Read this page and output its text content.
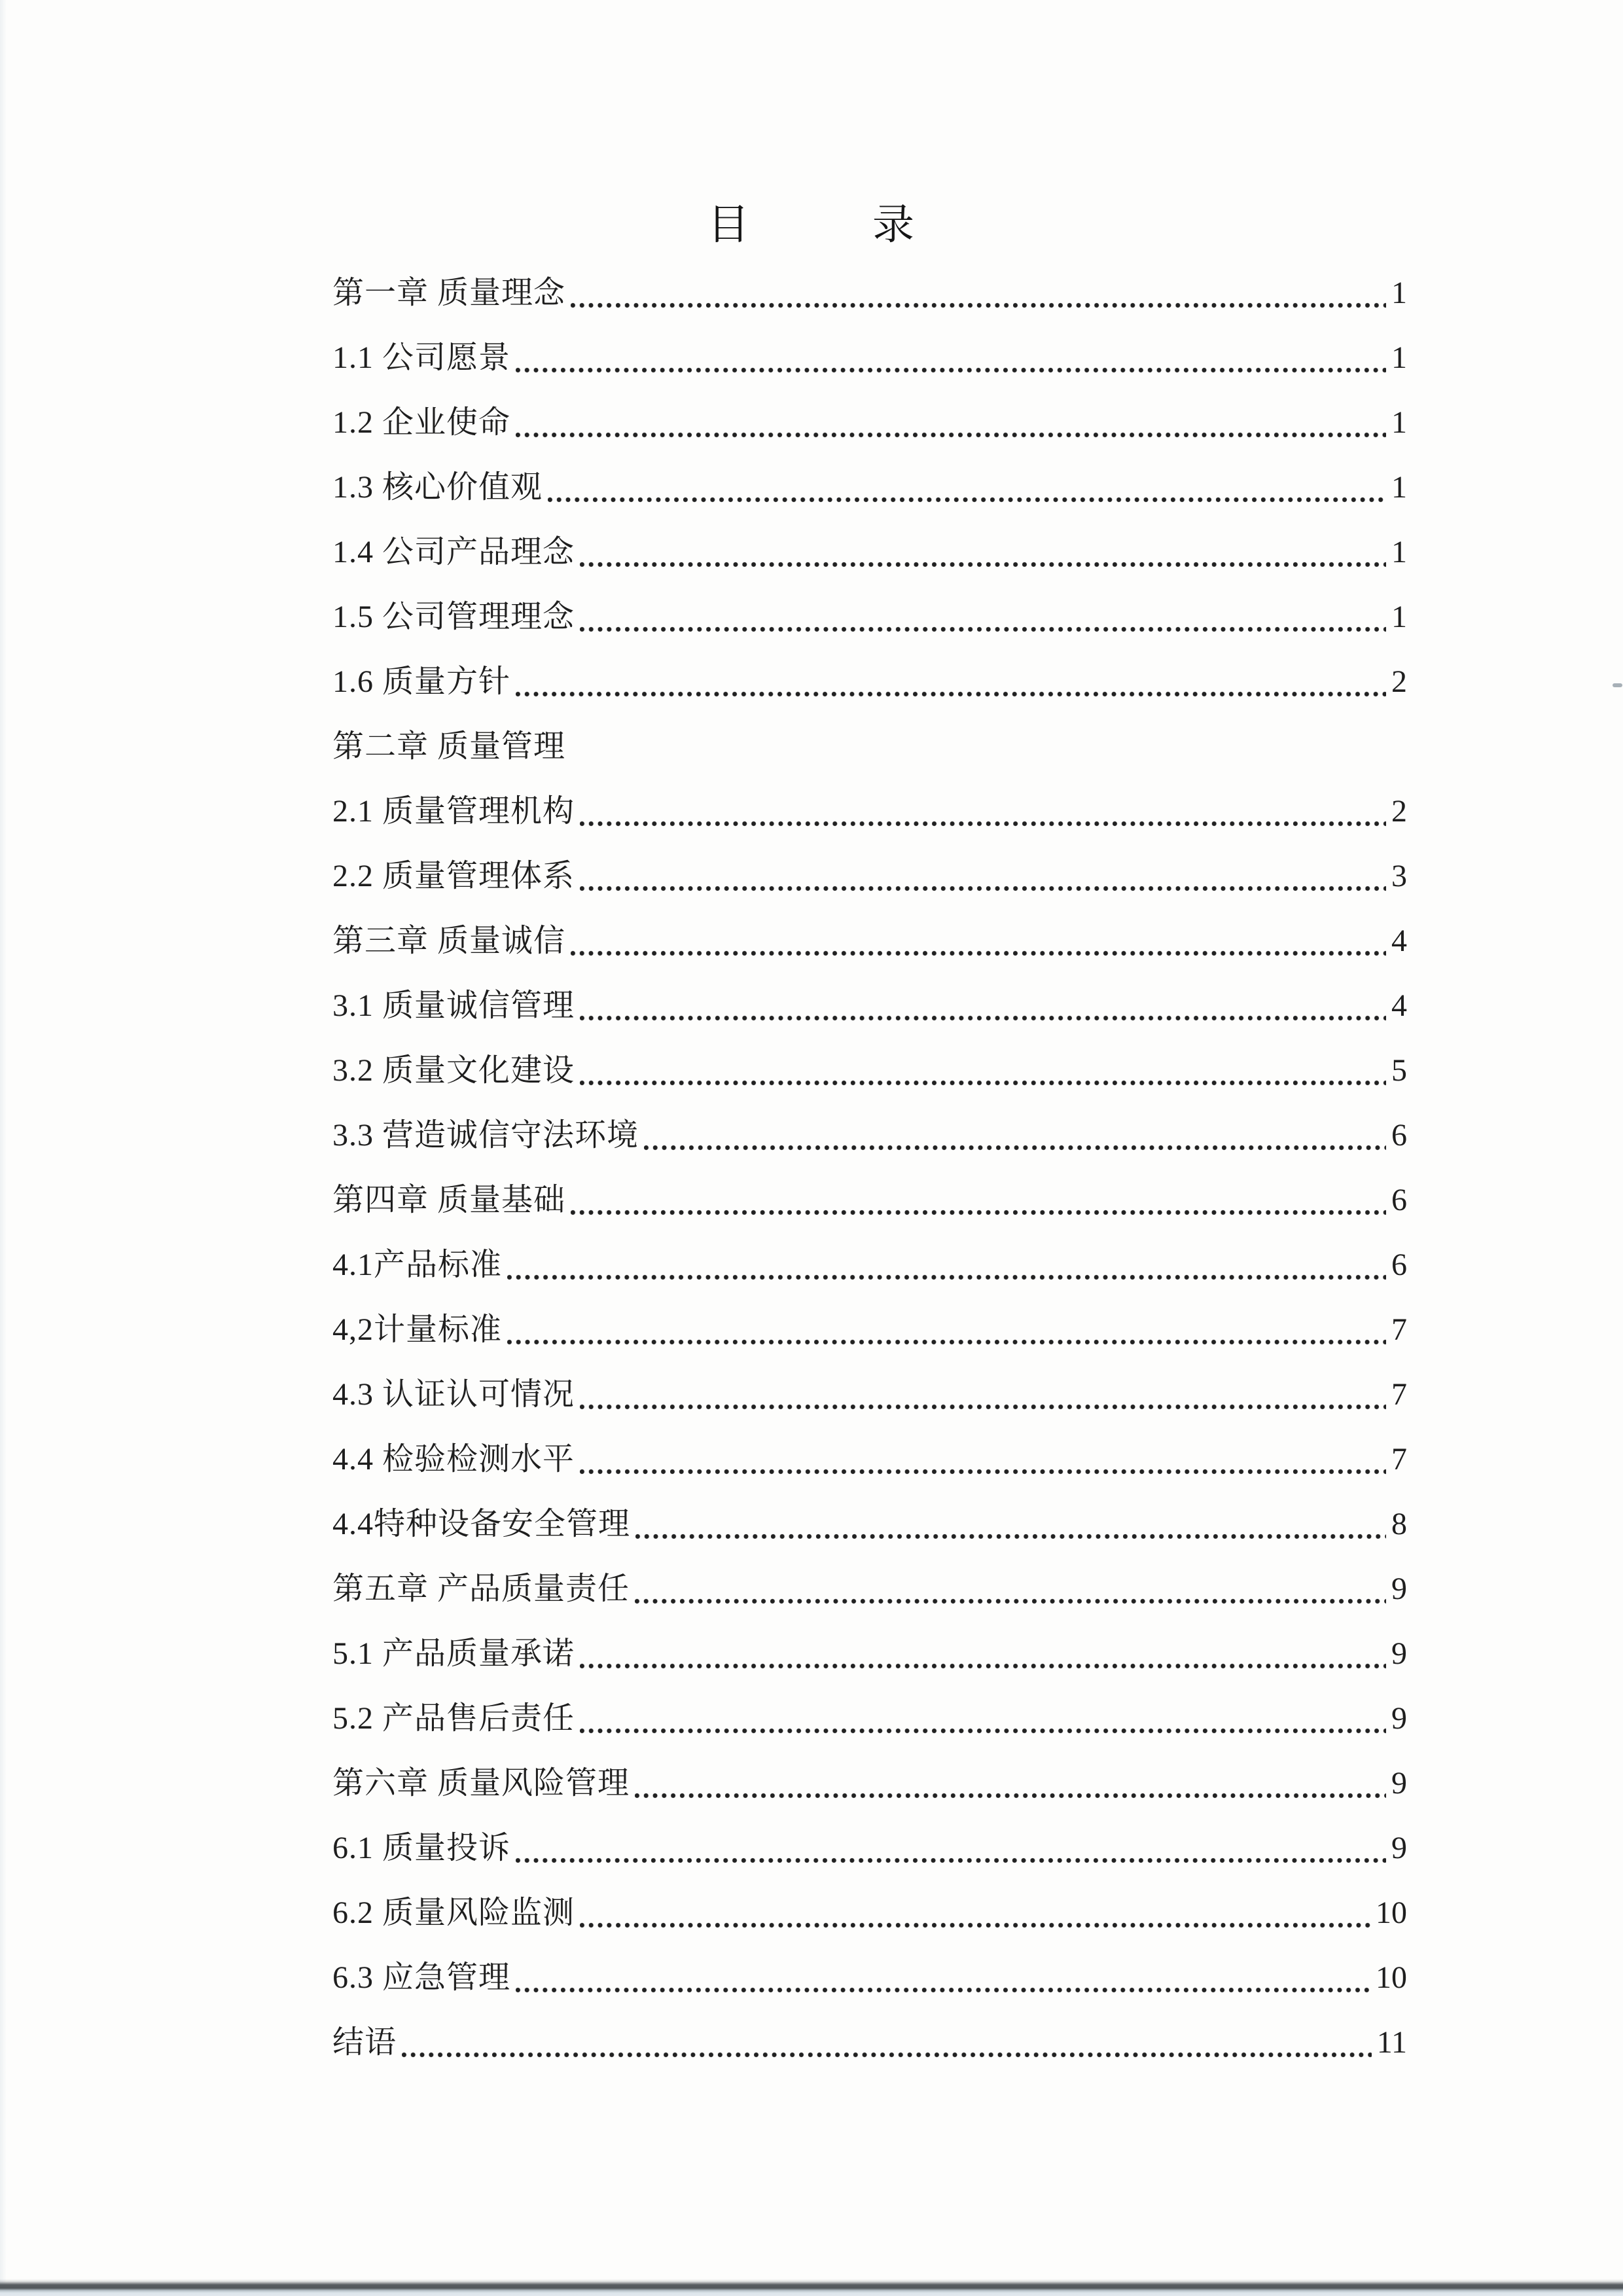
目 录
第一章 质量理念	1
1.1 公司愿景	1
1.2 企业使命	1
1.3 核心价值观	1
1.4 公司产品理念	1
1.5 公司管理理念	1
1.6 质量方针	2
第二章 质量管理
2.1 质量管理机构	2
2.2 质量管理体系	3
第三章 质量诚信	4
3.1 质量诚信管理	4
3.2 质量文化建设	5
3.3 营造诚信守法环境	6
第四章 质量基础	6
4.1产品标准	6
4,2计量标准	7
4.3 认证认可情况	7
4.4 检验检测水平	7
4.4特种设备安全管理	8
第五章 产品质量责任	9
5.1 产品质量承诺	9
5.2 产品售后责任	9
第六章 质量风险管理	9
6.1 质量投诉	9
6.2 质量风险监测	10
6.3 应急管理	10
结语	11
